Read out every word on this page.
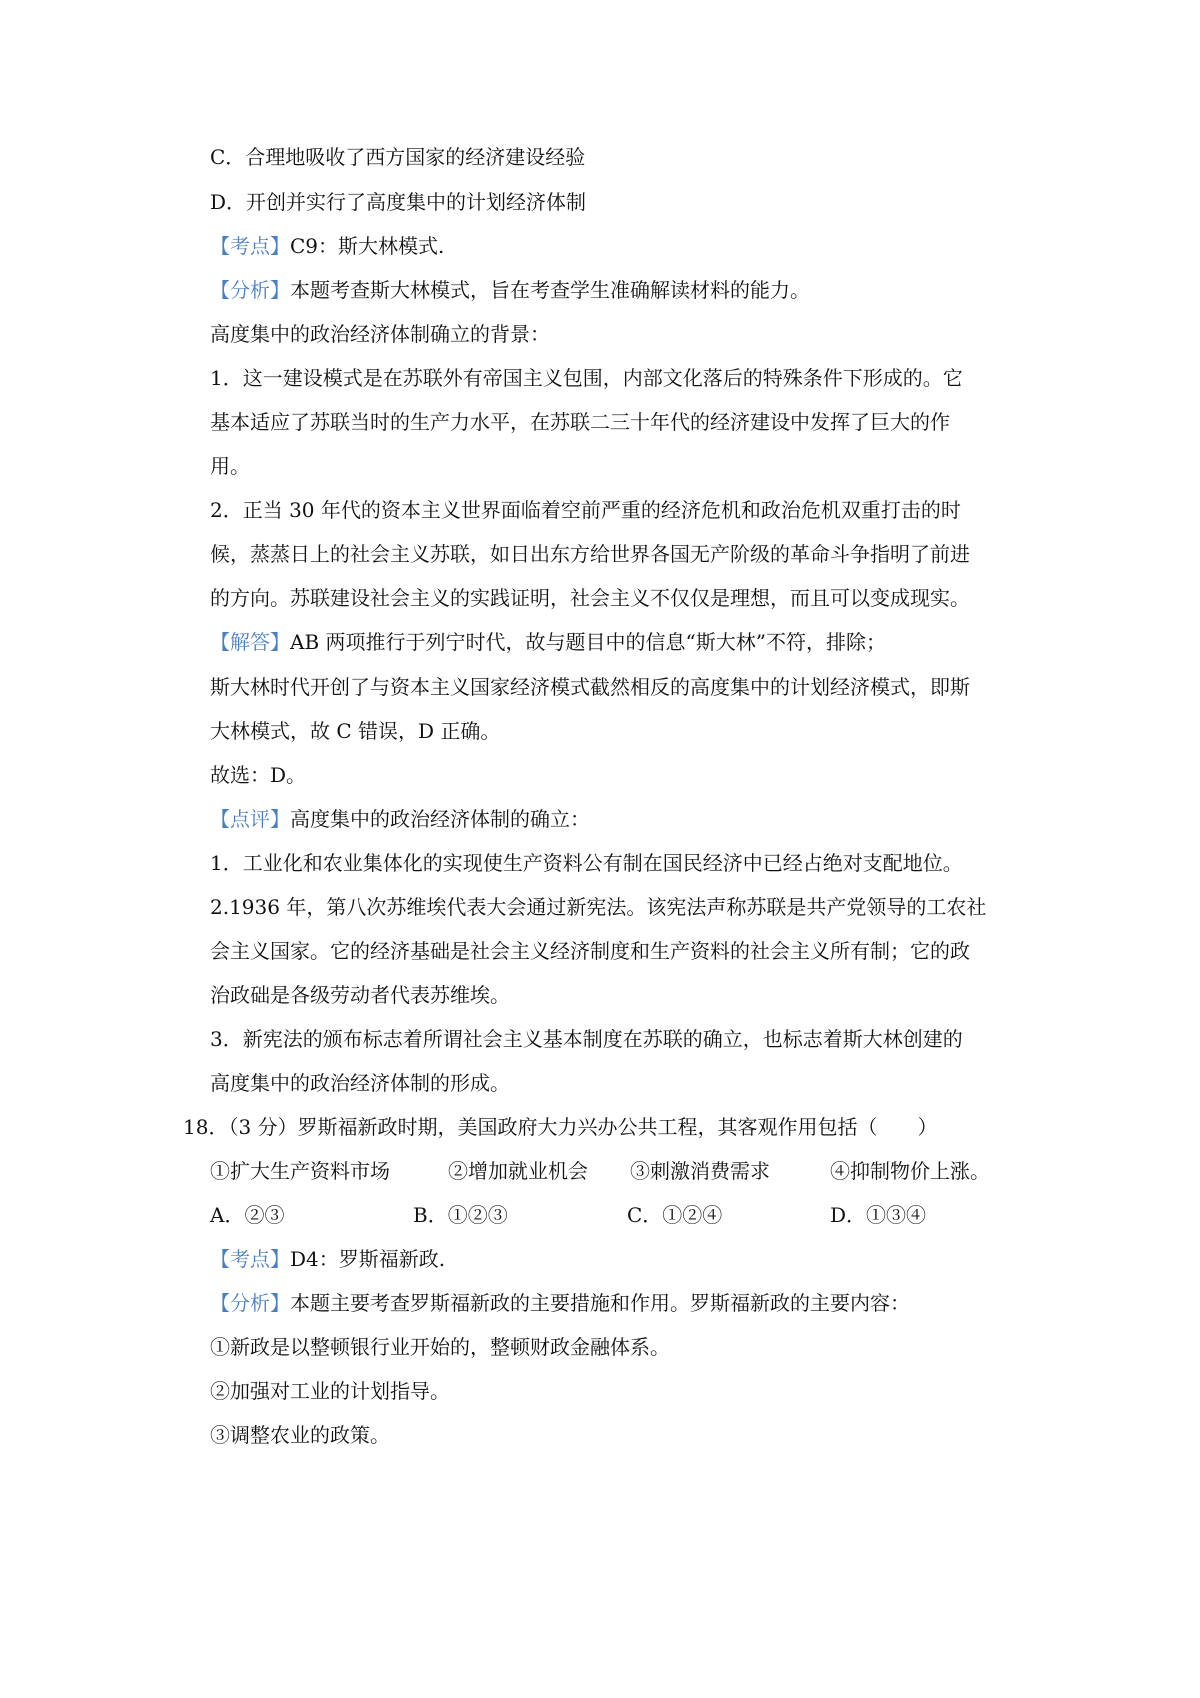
C．合理地吸收了西方国家的经济建设经验
D．开创并实行了高度集中的计划经济体制
【考点】C9：斯大林模式.
【分析】本题考查斯大林模式，旨在考查学生准确解读材料的能力。
高度集中的政治经济体制确立的背景：
1．这一建设模式是在苏联外有帝国主义包围，内部文化落后的特殊条件下形成的。它
基本适应了苏联当时的生产力水平，在苏联二三十年代的经济建设中发挥了巨大的作
用。
2．正当 30 年代的资本主义世界面临着空前严重的经济危机和政治危机双重打击的时
候，蒸蒸日上的社会主义苏联，如日出东方给世界各国无产阶级的革命斗争指明了前进
的方向。苏联建设社会主义的实践证明，社会主义不仅仅是理想，而且可以变成现实。
【解答】AB 两项推行于列宁时代，故与题目中的信息“斯大林”不符，排除；
斯大林时代开创了与资本主义国家经济模式截然相反的高度集中的计划经济模式，即斯
大林模式，故 C 错误，D 正确。
故选：D。
【点评】高度集中的政治经济体制的确立：
1．工业化和农业集体化的实现使生产资料公有制在国民经济中已经占绝对支配地位。
2.1936 年，第八次苏维埃代表大会通过新宪法。该宪法声称苏联是共产党领导的工农社
会主义国家。它的经济基础是社会主义经济制度和生产资料的社会主义所有制；它的政
治政础是各级劳动者代表苏维埃。
3．新宪法的颁布标志着所谓社会主义基本制度在苏联的确立，也标志着斯大林创建的
高度集中的政治经济体制的形成。
18．（3 分）罗斯福新政时期，美国政府大力兴办公共工程，其客观作用包括（　　）
①扩大生产资料市场	②增加就业机会 ③刺激消费需求	④抑制物价上涨。
A．②③	B．①②③	C．①②④	D．①③④
【考点】D4：罗斯福新政.
【分析】本题主要考查罗斯福新政的主要措施和作用。罗斯福新政的主要内容：
①新政是以整顿银行业开始的，整顿财政金融体系。
②加强对工业的计划指导。
③调整农业的政策。
